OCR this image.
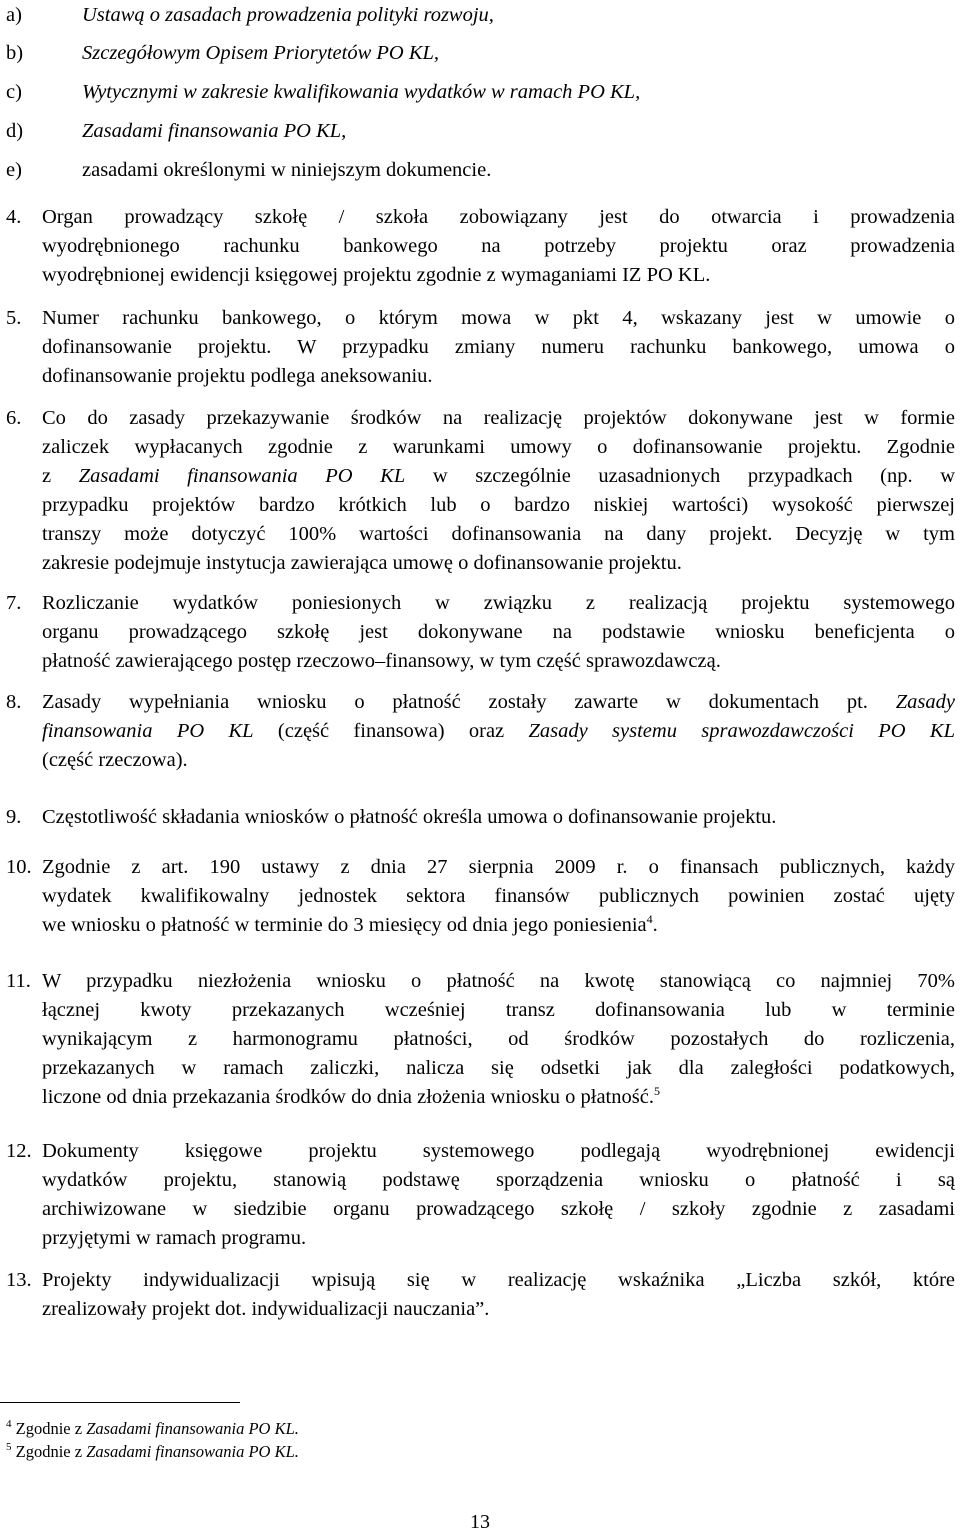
a)	Ustawą o zasadach prowadzenia polityki rozwoju,
b)	Szczegółowym Opisem Priorytetów PO KL,
c)	Wytycznymi w zakresie kwalifikowania wydatków w ramach PO KL,
d)	Zasadami finansowania PO KL,
e)	zasadami określonymi w niniejszym dokumencie.
4. Organ prowadzący szkołę / szkoła zobowiązany jest do otwarcia i prowadzenia
wyodrębnionego rachunku bankowego na potrzeby projektu oraz prowadzenia
wyodrębnionej ewidencji księgowej projektu zgodnie z wymaganiami IZ PO KL.
5. Numer rachunku bankowego, o którym mowa w pkt 4, wskazany jest w umowie o
dofinansowanie projektu. W przypadku zmiany numeru rachunku bankowego, umowa o
dofinansowanie projektu podlega aneksowaniu.
6. Co do zasady przekazywanie środków na realizację projektów dokonywane jest w formie
zaliczek wypłacanych zgodnie z warunkami umowy o dofinansowanie projektu. Zgodnie
z Zasadami finansowania PO KL w szczególnie uzasadnionych przypadkach (np. w
przypadku projektów bardzo krótkich lub o bardzo niskiej wartości) wysokość pierwszej
transzy może dotyczyć 100% wartości dofinansowania na dany projekt. Decyzję w tym
zakresie podejmuje instytucja zawierająca umowę o dofinansowanie projektu.
7. Rozliczanie wydatków poniesionych w związku z realizacją projektu systemowego
organu prowadzącego szkołę jest dokonywane na podstawie wniosku beneficjenta o
płatność zawierającego postęp rzeczowo–finansowy, w tym część sprawozdawczą.
8. Zasady wypełniania wniosku o płatność zostały zawarte w dokumentach pt. Zasady
finansowania PO KL (część finansowa) oraz Zasady systemu sprawozdawczości PO KL
(część rzeczowa).
9. Częstotliwość składania wniosków o płatność określa umowa o dofinansowanie projektu.
10. Zgodnie z art. 190 ustawy z dnia 27 sierpnia 2009 r. o finansach publicznych, każdy
wydatek kwalifikowalny jednostek sektora finansów publicznych powinien zostać ujęty
we wniosku o płatność w terminie do 3 miesięcy od dnia jego poniesienia$^4$.
11. W przypadku niezłożenia wniosku o płatność na kwotę stanowiącą co najmniej 70%
łącznej kwoty przekazanych wcześniej transz dofinansowania lub w terminie
wynikającym z harmonogramu płatności, od środków pozostałych do rozliczenia,
przekazanych w ramach zaliczki, nalicza się odsetki jak dla zaległości podatkowych,
liczone od dnia przekazania środków do dnia złożenia wniosku o płatność.$^5$
12. Dokumenty księgowe projektu systemowego podlegają wyodrębnionej ewidencji
wydatków projektu, stanowią podstawę sporządzenia wniosku o płatność i są
archiwizowane w siedzibie organu prowadzącego szkołę / szkoły zgodnie z zasadami
przyjętymi w ramach programu.
13. Projekty indywidualizacji wpisują się w realizację wskaźnika „Liczba szkół, które
zrealizowały projekt dot. indywidualizacji nauczania”.
$^4$ Zgodnie z Zasadami finansowania PO KL.
$^5$ Zgodnie z Zasadami finansowania PO KL.
13
